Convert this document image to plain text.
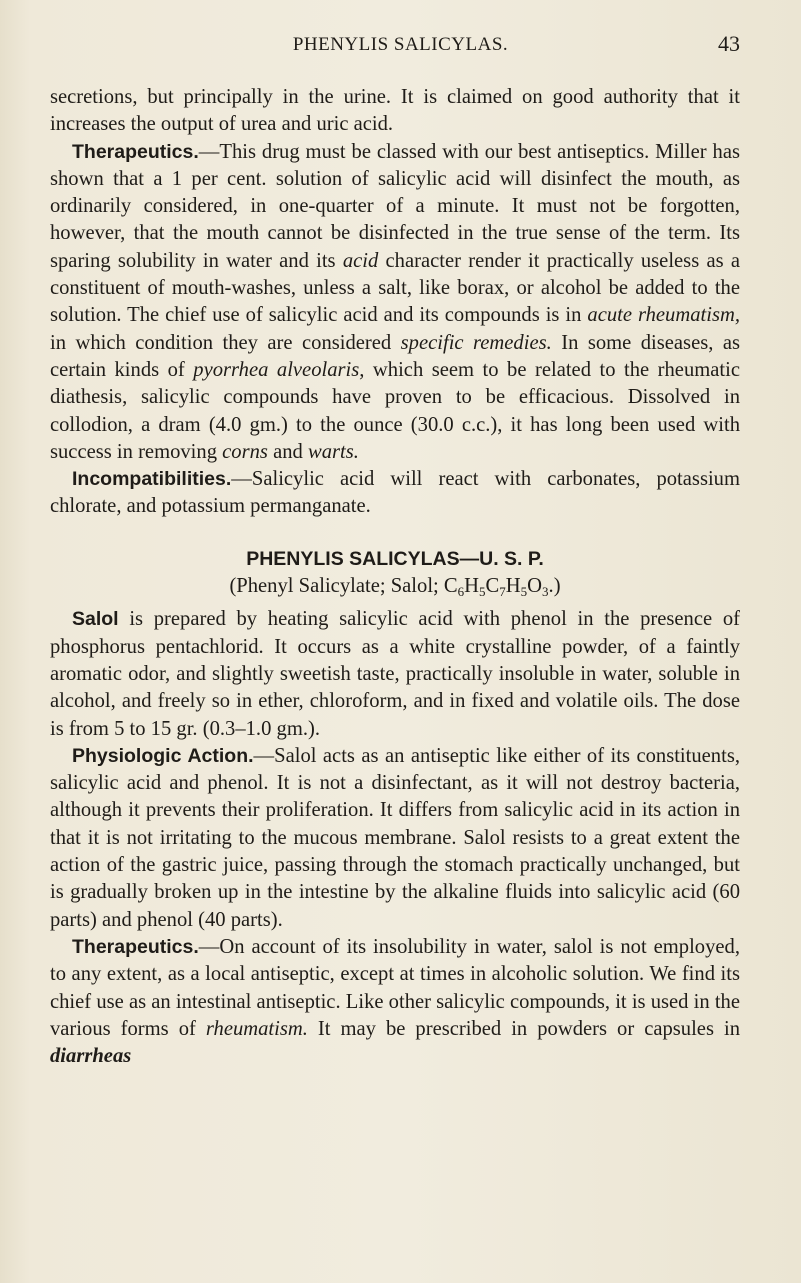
PHENYLIS SALICYLAS.	43

secretions, but principally in the urine. It is claimed on good authority that it increases the output of urea and uric acid.

Therapeutics.—This drug must be classed with our best antiseptics. Miller has shown that a 1 per cent. solution of salicylic acid will disinfect the mouth, as ordinarily considered, in one-quarter of a minute. It must not be forgotten, however, that the mouth cannot be disinfected in the true sense of the term. Its sparing solubility in water and its acid character render it practically useless as a constituent of mouth-washes, unless a salt, like borax, or alcohol be added to the solution. The chief use of salicylic acid and its compounds is in acute rheumatism, in which condition they are considered specific remedies. In some diseases, as certain kinds of pyorrhea alveolaris, which seem to be related to the rheumatic diathesis, salicylic compounds have proven to be efficacious. Dissolved in collodion, a dram (4.0 gm.) to the ounce (30.0 c.c.), it has long been used with success in removing corns and warts.

Incompatibilities.—Salicylic acid will react with carbonates, potassium chlorate, and potassium permanganate.

PHENYLIS SALICYLAS—U. S. P.

(Phenyl Salicylate; Salol; $C_6H_5C_7H_5O_3$.)

Salol is prepared by heating salicylic acid with phenol in the presence of phosphorus pentachlorid. It occurs as a white crystalline powder, of a faintly aromatic odor, and slightly sweetish taste, practically insoluble in water, soluble in alcohol, and freely so in ether, chloroform, and in fixed and volatile oils. The dose is from 5 to 15 gr. (0.3–1.0 gm.).

Physiologic Action.—Salol acts as an antiseptic like either of its constituents, salicylic acid and phenol. It is not a disinfectant, as it will not destroy bacteria, although it prevents their proliferation. It differs from salicylic acid in its action in that it is not irritating to the mucous membrane. Salol resists to a great extent the action of the gastric juice, passing through the stomach practically unchanged, but is gradually broken up in the intestine by the alkaline fluids into salicylic acid (60 parts) and phenol (40 parts).

Therapeutics.—On account of its insolubility in water, salol is not employed, to any extent, as a local antiseptic, except at times in alcoholic solution. We find its chief use as an intestinal antiseptic. Like other salicylic compounds, it is used in the various forms of rheumatism. It may be prescribed in powders or capsules in diarrheas
